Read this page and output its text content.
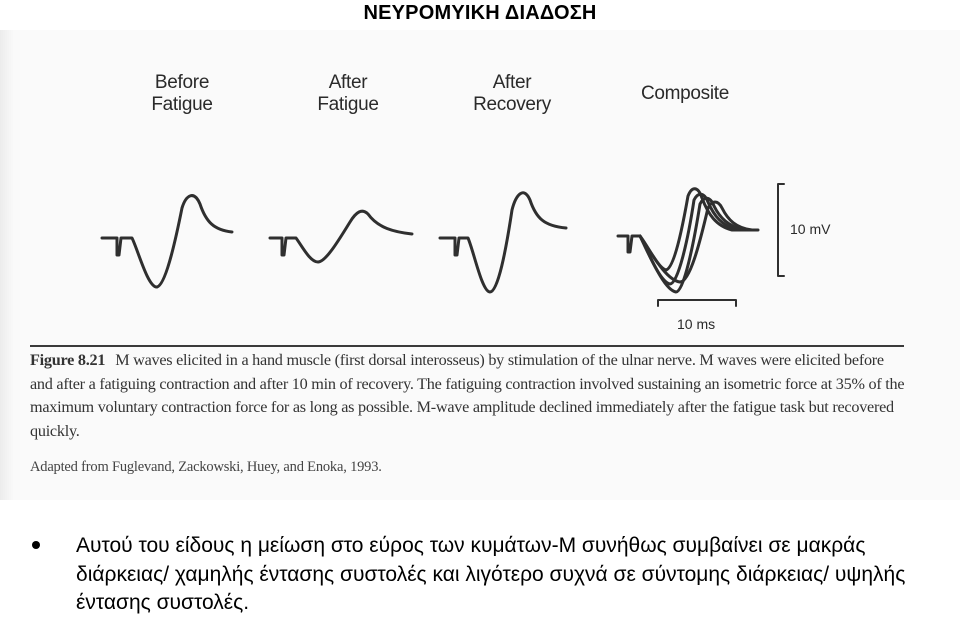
ΝΕΥΡΟΜΥΙΚΗ ΔΙΑΔΟΣΗ
Before
Fatigue
After
Fatigue
After
Recovery
Composite
10 mV
10 ms
Figure 8.21 M waves elicited in a hand muscle (first dorsal interosseus) by stimulation of the ulnar nerve. M waves were elicited before and after a fatiguing contraction and after 10 min of recovery. The fatiguing contraction involved sustaining an isometric force at 35% of the maximum voluntary contraction force for as long as possible. M-wave amplitude declined immediately after the fatigue task but recovered quickly.
Adapted from Fuglevand, Zackowski, Huey, and Enoka, 1993.
Αυτού του είδους η μείωση στο εύρος των κυμάτων-M συνήθως συμβαίνει σε μακράς διάρκειας/ χαμηλής έντασης συστολές και λιγότερο συχνά σε σύντομης διάρκειας/ υψηλής έντασης συστολές.
